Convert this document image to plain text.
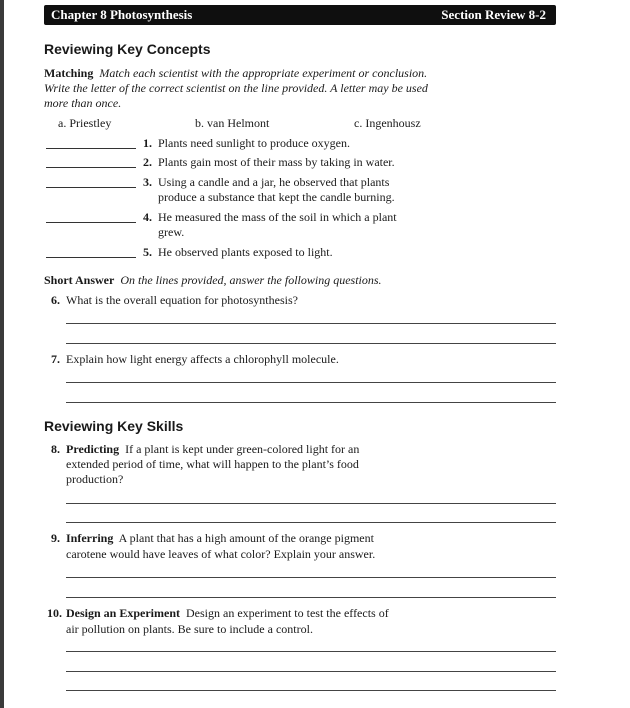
Chapter 8 Photosynthesis	Section Review 8-2
Reviewing Key Concepts
Matching Match each scientist with the appropriate experiment or conclusion.
Write the letter of the correct scientist on the line provided. A letter may be used
more than once.
a. Priestley	b. van Helmont	c. Ingenhousz
1. Plants need sunlight to produce oxygen.
2. Plants gain most of their mass by taking in water.
3. Using a candle and a jar, he observed that plants
produce a substance that kept the candle burning.
4. He measured the mass of the soil in which a plant
grew.
5. He observed plants exposed to light.
Short Answer On the lines provided, answer the following questions.
6. What is the overall equation for photosynthesis?
7. Explain how light energy affects a chlorophyll molecule.
Reviewing Key Skills
8. Predicting If a plant is kept under green-colored light for an
extended period of time, what will happen to the plant’s food
production?
9. Inferring A plant that has a high amount of the orange pigment
carotene would have leaves of what color? Explain your answer.
10. Design an Experiment Design an experiment to test the effects of
air pollution on plants. Be sure to include a control.
